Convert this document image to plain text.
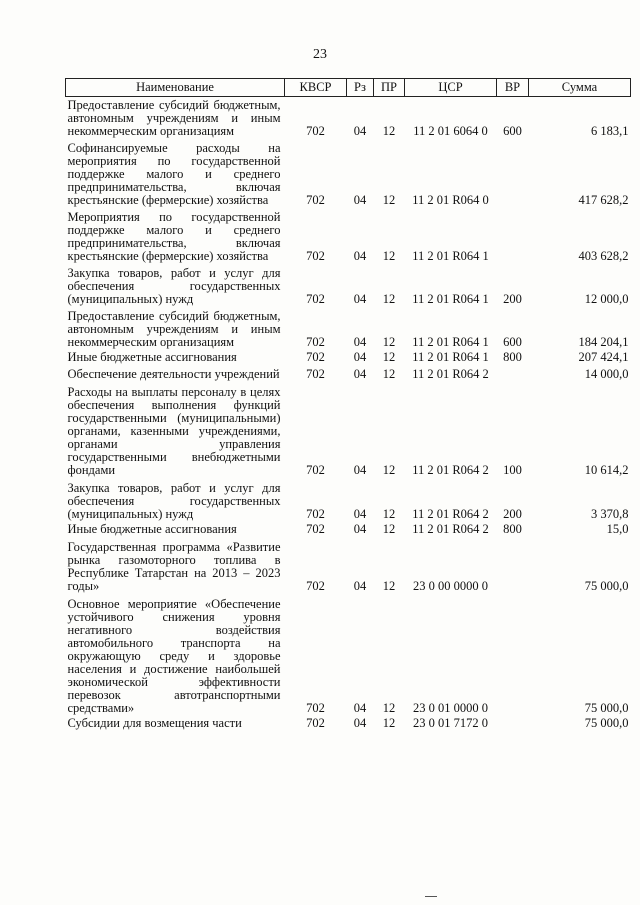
23
Наименование	КВСР	Рз	ПР	ЦСР	ВР	Сумма
Предоставление субсидий бюджетным, автономным учреждениям и иным некоммерческим организациям	702	04	12	11 2 01 6064 0	600	6 183,1
Софинансируемые расходы на мероприятия по государственной поддержке малого и среднего предпринимательства, включая крестьянские (фермерские) хозяйства	702	04	12	11 2 01 R064 0		417 628,2
Мероприятия по государственной поддержке малого и среднего предпринимательства, включая крестьянские (фермерские) хозяйства	702	04	12	11 2 01 R064 1		403 628,2
Закупка товаров, работ и услуг для обеспечения государственных (муниципальных) нужд	702	04	12	11 2 01 R064 1	200	12 000,0
Предоставление субсидий бюджетным, автономным учреждениям и иным некоммерческим организациям	702	04	12	11 2 01 R064 1	600	184 204,1
Иные бюджетные ассигнования	702	04	12	11 2 01 R064 1	800	207 424,1
Обеспечение деятельности учреждений	702	04	12	11 2 01 R064 2		14 000,0
Расходы на выплаты персоналу в целях обеспечения выполнения функций государственными (муниципальными) органами, казенными учреждениями, органами управления государственными внебюджетными фондами	702	04	12	11 2 01 R064 2	100	10 614,2
Закупка товаров, работ и услуг для обеспечения государственных (муниципальных) нужд	702	04	12	11 2 01 R064 2	200	3 370,8
Иные бюджетные ассигнования	702	04	12	11 2 01 R064 2	800	15,0
Государственная программа «Развитие рынка газомоторного топлива в Республике Татарстан на 2013 – 2023 годы»	702	04	12	23 0 00 0000 0		75 000,0
Основное мероприятие «Обеспечение устойчивого снижения уровня негативного воздействия автомобильного транспорта на окружающую среду и здоровье населения и достижение наибольшей экономической эффективности перевозок автотранспортными средствами»	702	04	12	23 0 01 0000 0		75 000,0
Субсидии для возмещения части	702	04	12	23 0 01 7172 0		75 000,0
